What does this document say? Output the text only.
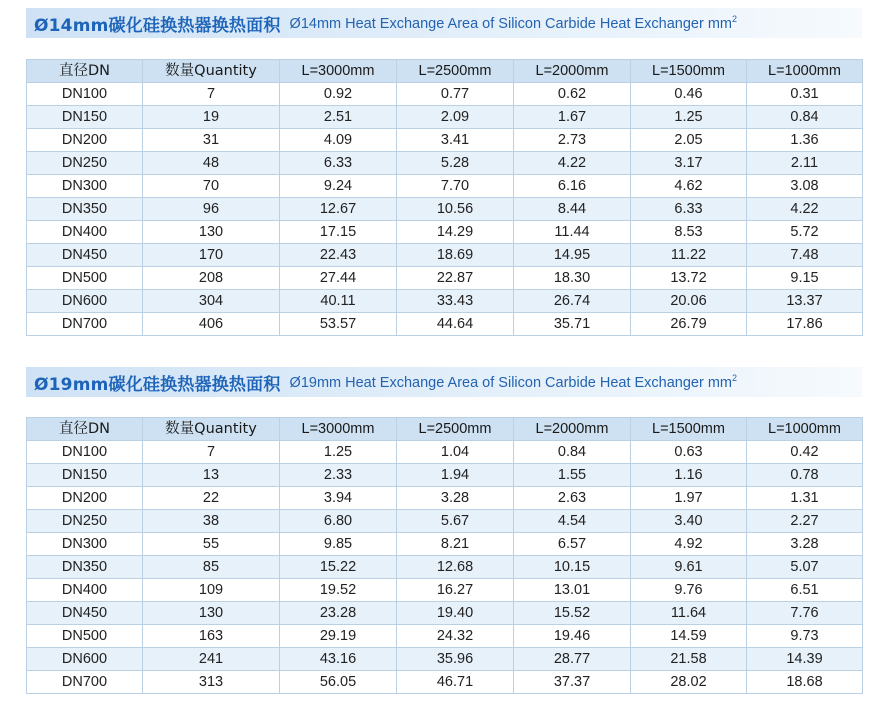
Ø14mm碳化硅换热器换热面积 Ø14mm Heat Exchange Area of Silicon Carbide Heat Exchanger $mm^2$
直径DN	数量Quantity	L=3000mm	L=2500mm	L=2000mm	L=1500mm	L=1000mm
DN100	7	0.92	0.77	0.62	0.46	0.31
DN150	19	2.51	2.09	1.67	1.25	0.84
DN200	31	4.09	3.41	2.73	2.05	1.36
DN250	48	6.33	5.28	4.22	3.17	2.11
DN300	70	9.24	7.70	6.16	4.62	3.08
DN350	96	12.67	10.56	8.44	6.33	4.22
DN400	130	17.15	14.29	11.44	8.53	5.72
DN450	170	22.43	18.69	14.95	11.22	7.48
DN500	208	27.44	22.87	18.30	13.72	9.15
DN600	304	40.11	33.43	26.74	20.06	13.37
DN700	406	53.57	44.64	35.71	26.79	17.86
Ø19mm碳化硅换热器换热面积 Ø19mm Heat Exchange Area of Silicon Carbide Heat Exchanger $mm^2$
直径DN	数量Quantity	L=3000mm	L=2500mm	L=2000mm	L=1500mm	L=1000mm
DN100	7	1.25	1.04	0.84	0.63	0.42
DN150	13	2.33	1.94	1.55	1.16	0.78
DN200	22	3.94	3.28	2.63	1.97	1.31
DN250	38	6.80	5.67	4.54	3.40	2.27
DN300	55	9.85	8.21	6.57	4.92	3.28
DN350	85	15.22	12.68	10.15	9.61	5.07
DN400	109	19.52	16.27	13.01	9.76	6.51
DN450	130	23.28	19.40	15.52	11.64	7.76
DN500	163	29.19	24.32	19.46	14.59	9.73
DN600	241	43.16	35.96	28.77	21.58	14.39
DN700	313	56.05	46.71	37.37	28.02	18.68
